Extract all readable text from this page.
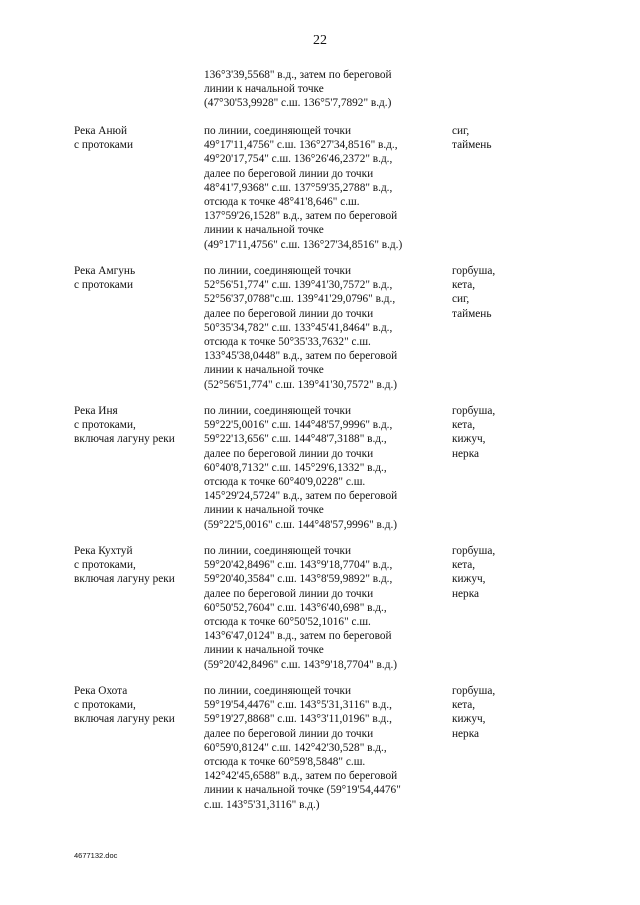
22
136°3'39,5568" в.д., затем по береговой
линии к начальной точке
(47°30'53,9928" с.ш. 136°5'7,7892" в.д.)
Река Анюй
с протоками
по линии, соединяющей точки
49°17'11,4756" с.ш. 136°27'34,8516" в.д.,
49°20'17,754" с.ш. 136°26'46,2372" в.д.,
далее по береговой линии до точки
48°41'7,9368" с.ш. 137°59'35,2788" в.д.,
отсюда к точке 48°41'8,646" с.ш.
137°59'26,1528" в.д., затем по береговой
линии к начальной точке
(49°17'11,4756" с.ш. 136°27'34,8516" в.д.)
сиг,
таймень
Река Амгунь
с протоками
по линии, соединяющей точки
52°56'51,774" с.ш. 139°41'30,7572" в.д.,
52°56'37,0788"с.ш. 139°41'29,0796" в.д.,
далее по береговой линии до точки
50°35'34,782" с.ш. 133°45'41,8464" в.д.,
отсюда к точке 50°35'33,7632" с.ш.
133°45'38,0448" в.д., затем по береговой
линии к начальной точке
(52°56'51,774" с.ш. 139°41'30,7572" в.д.)
горбуша,
кета,
сиг,
таймень
Река Иня
с протоками,
включая лагуну реки
по линии, соединяющей точки
59°22'5,0016" с.ш. 144°48'57,9996" в.д.,
59°22'13,656" с.ш. 144°48'7,3188" в.д.,
далее по береговой линии до точки
60°40'8,7132" с.ш. 145°29'6,1332" в.д.,
отсюда к точке 60°40'9,0228" с.ш.
145°29'24,5724" в.д., затем по береговой
линии к начальной точке
(59°22'5,0016" с.ш. 144°48'57,9996" в.д.)
горбуша,
кета,
кижуч,
нерка
Река Кухтуй
с протоками,
включая лагуну реки
по линии, соединяющей точки
59°20'42,8496" с.ш. 143°9'18,7704" в.д.,
59°20'40,3584" с.ш. 143°8'59,9892" в.д.,
далее по береговой линии до точки
60°50'52,7604" с.ш. 143°6'40,698" в.д.,
отсюда к точке 60°50'52,1016" с.ш.
143°6'47,0124" в.д., затем по береговой
линии к начальной точке
(59°20'42,8496" с.ш. 143°9'18,7704" в.д.)
горбуша,
кета,
кижуч,
нерка
Река Охота
с протоками,
включая лагуну реки
по линии, соединяющей точки
59°19'54,4476" с.ш. 143°5'31,3116" в.д.,
59°19'27,8868" с.ш. 143°3'11,0196" в.д.,
далее по береговой линии до точки
60°59'0,8124" с.ш. 142°42'30,528" в.д.,
отсюда к точке 60°59'8,5848" с.ш.
142°42'45,6588" в.д., затем по береговой
линии к начальной точке (59°19'54,4476"
с.ш. 143°5'31,3116" в.д.)
горбуша,
кета,
кижуч,
нерка
4677132.doc
